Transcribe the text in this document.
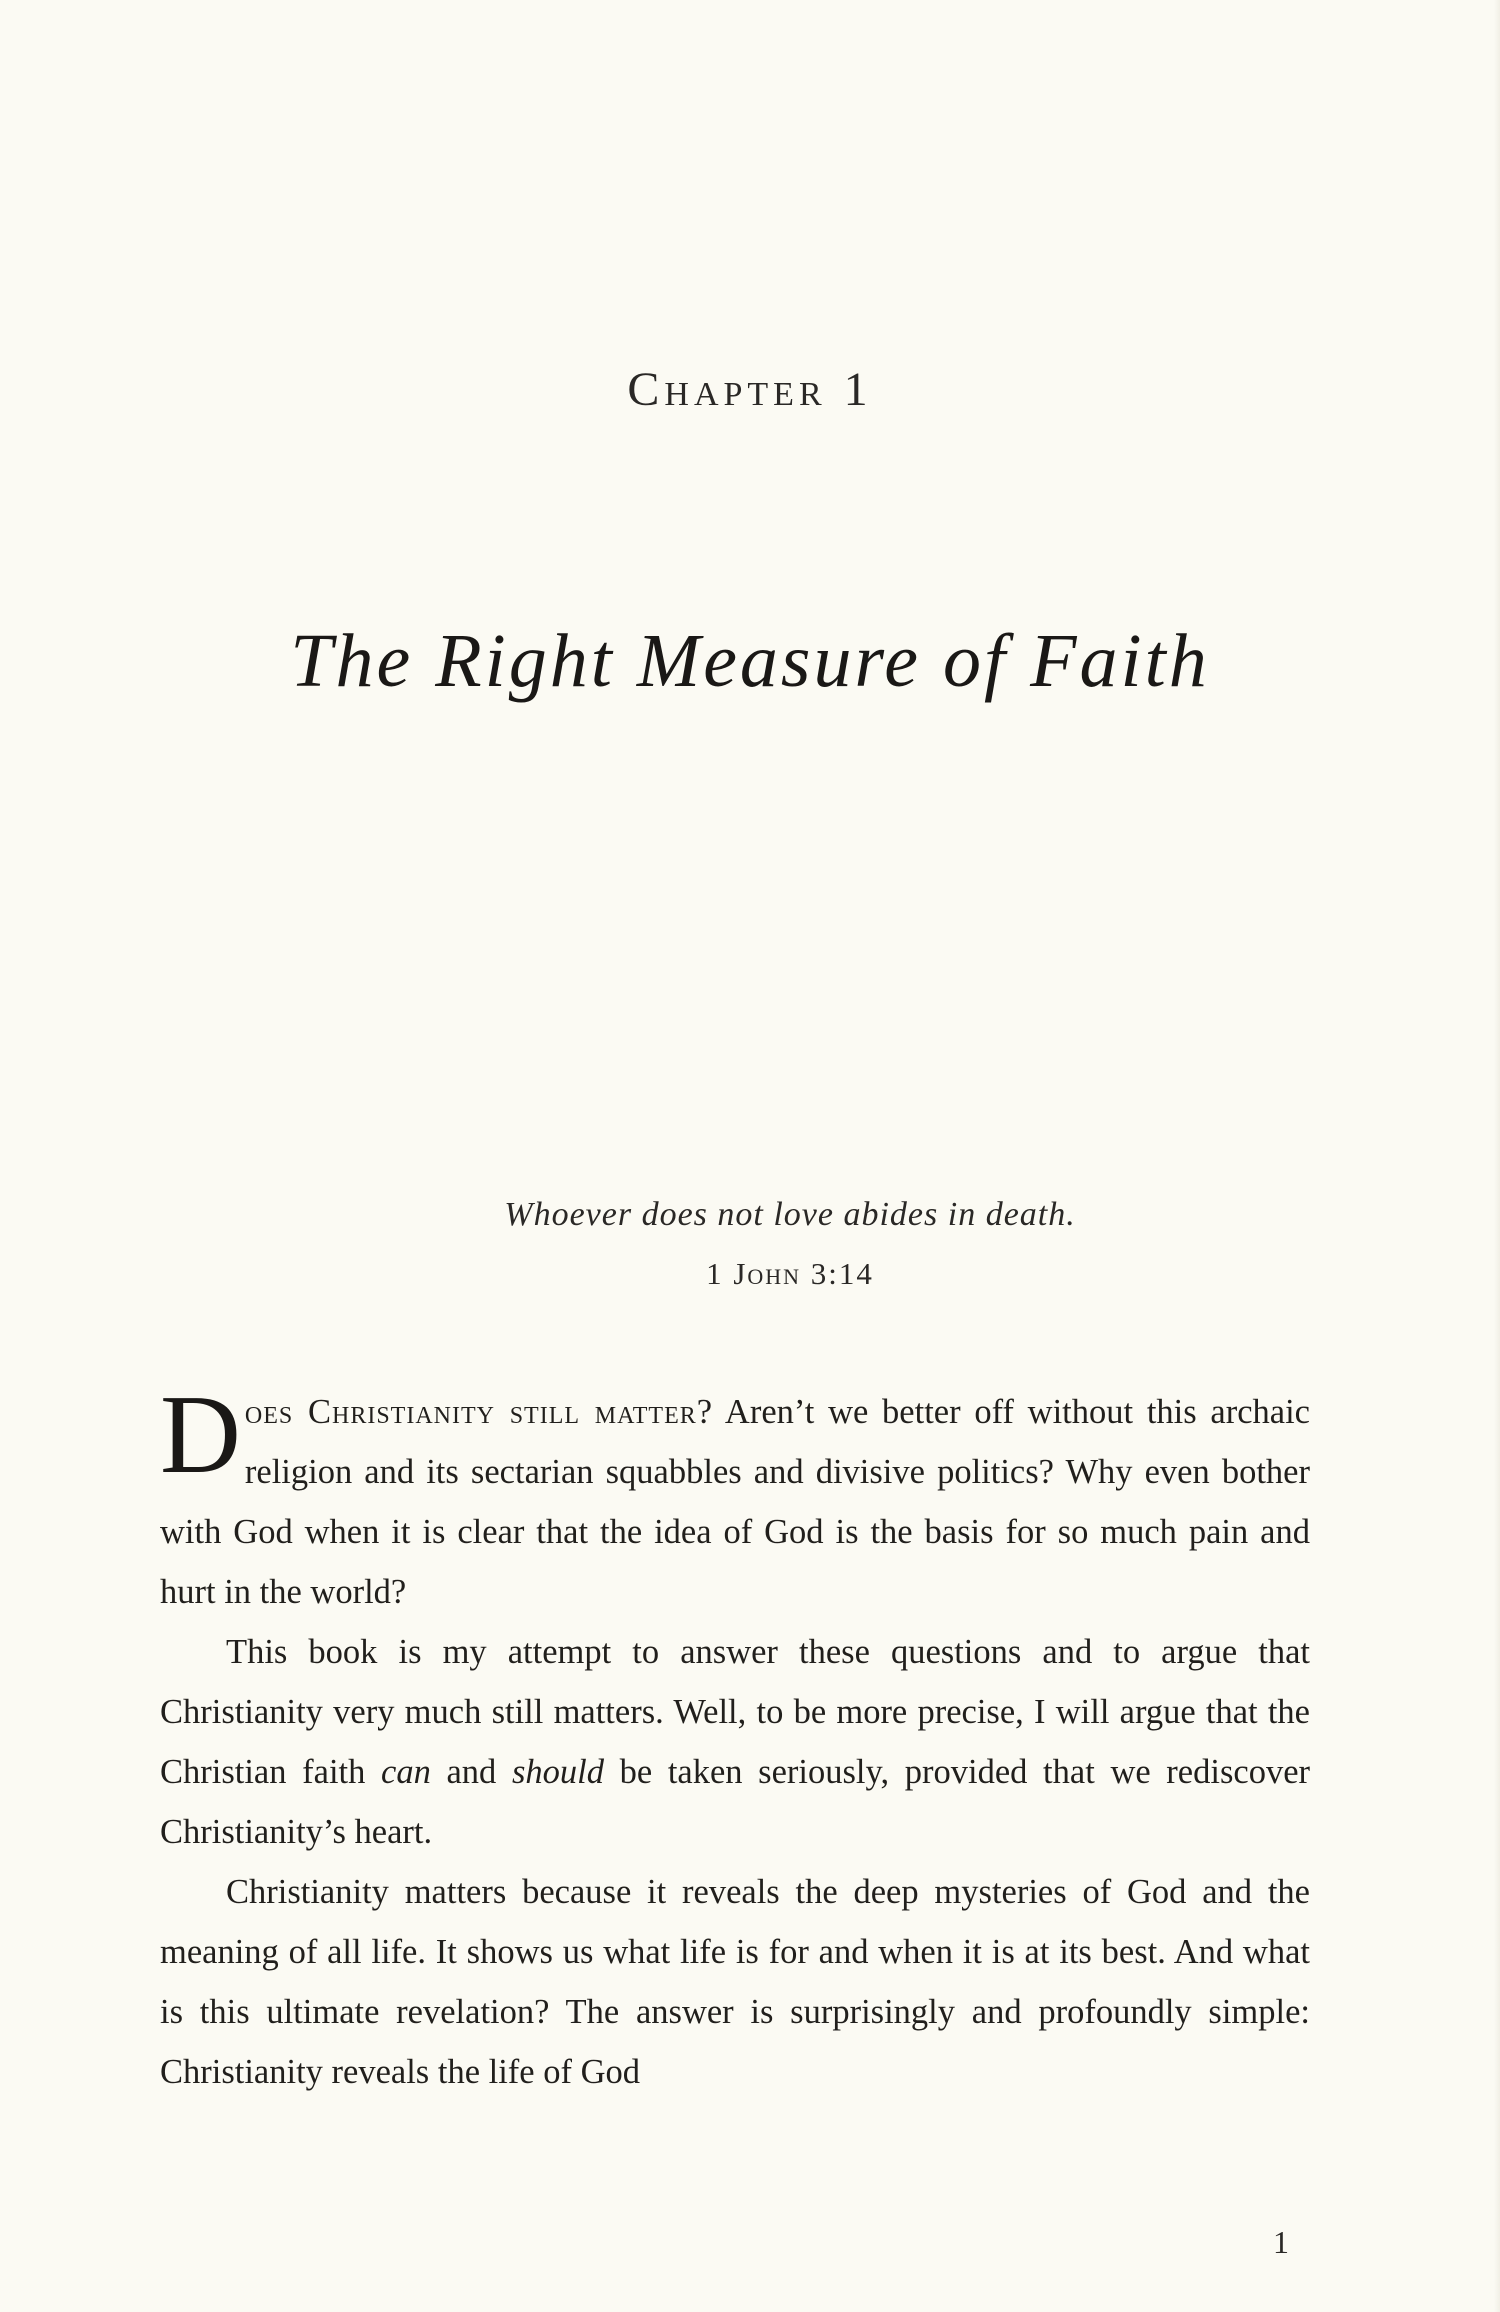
Chapter 1
The Right Measure of Faith
Whoever does not love abides in death.
1 John 3:14

Does Christianity still matter? Aren’t we better off without this archaic religion and its sectarian squabbles and divisive politics? Why even bother with God when it is clear that the idea of God is the basis for so much pain and hurt in the world?

This book is my attempt to answer these questions and to argue that Christianity very much still matters. Well, to be more precise, I will argue that the Christian faith can and should be taken seriously, provided that we rediscover Christianity’s heart.

Christianity matters because it reveals the deep mysteries of God and the meaning of all life. It shows us what life is for and when it is at its best. And what is this ultimate revelation? The answer is surprisingly and profoundly simple: Christianity reveals the life of God

1
